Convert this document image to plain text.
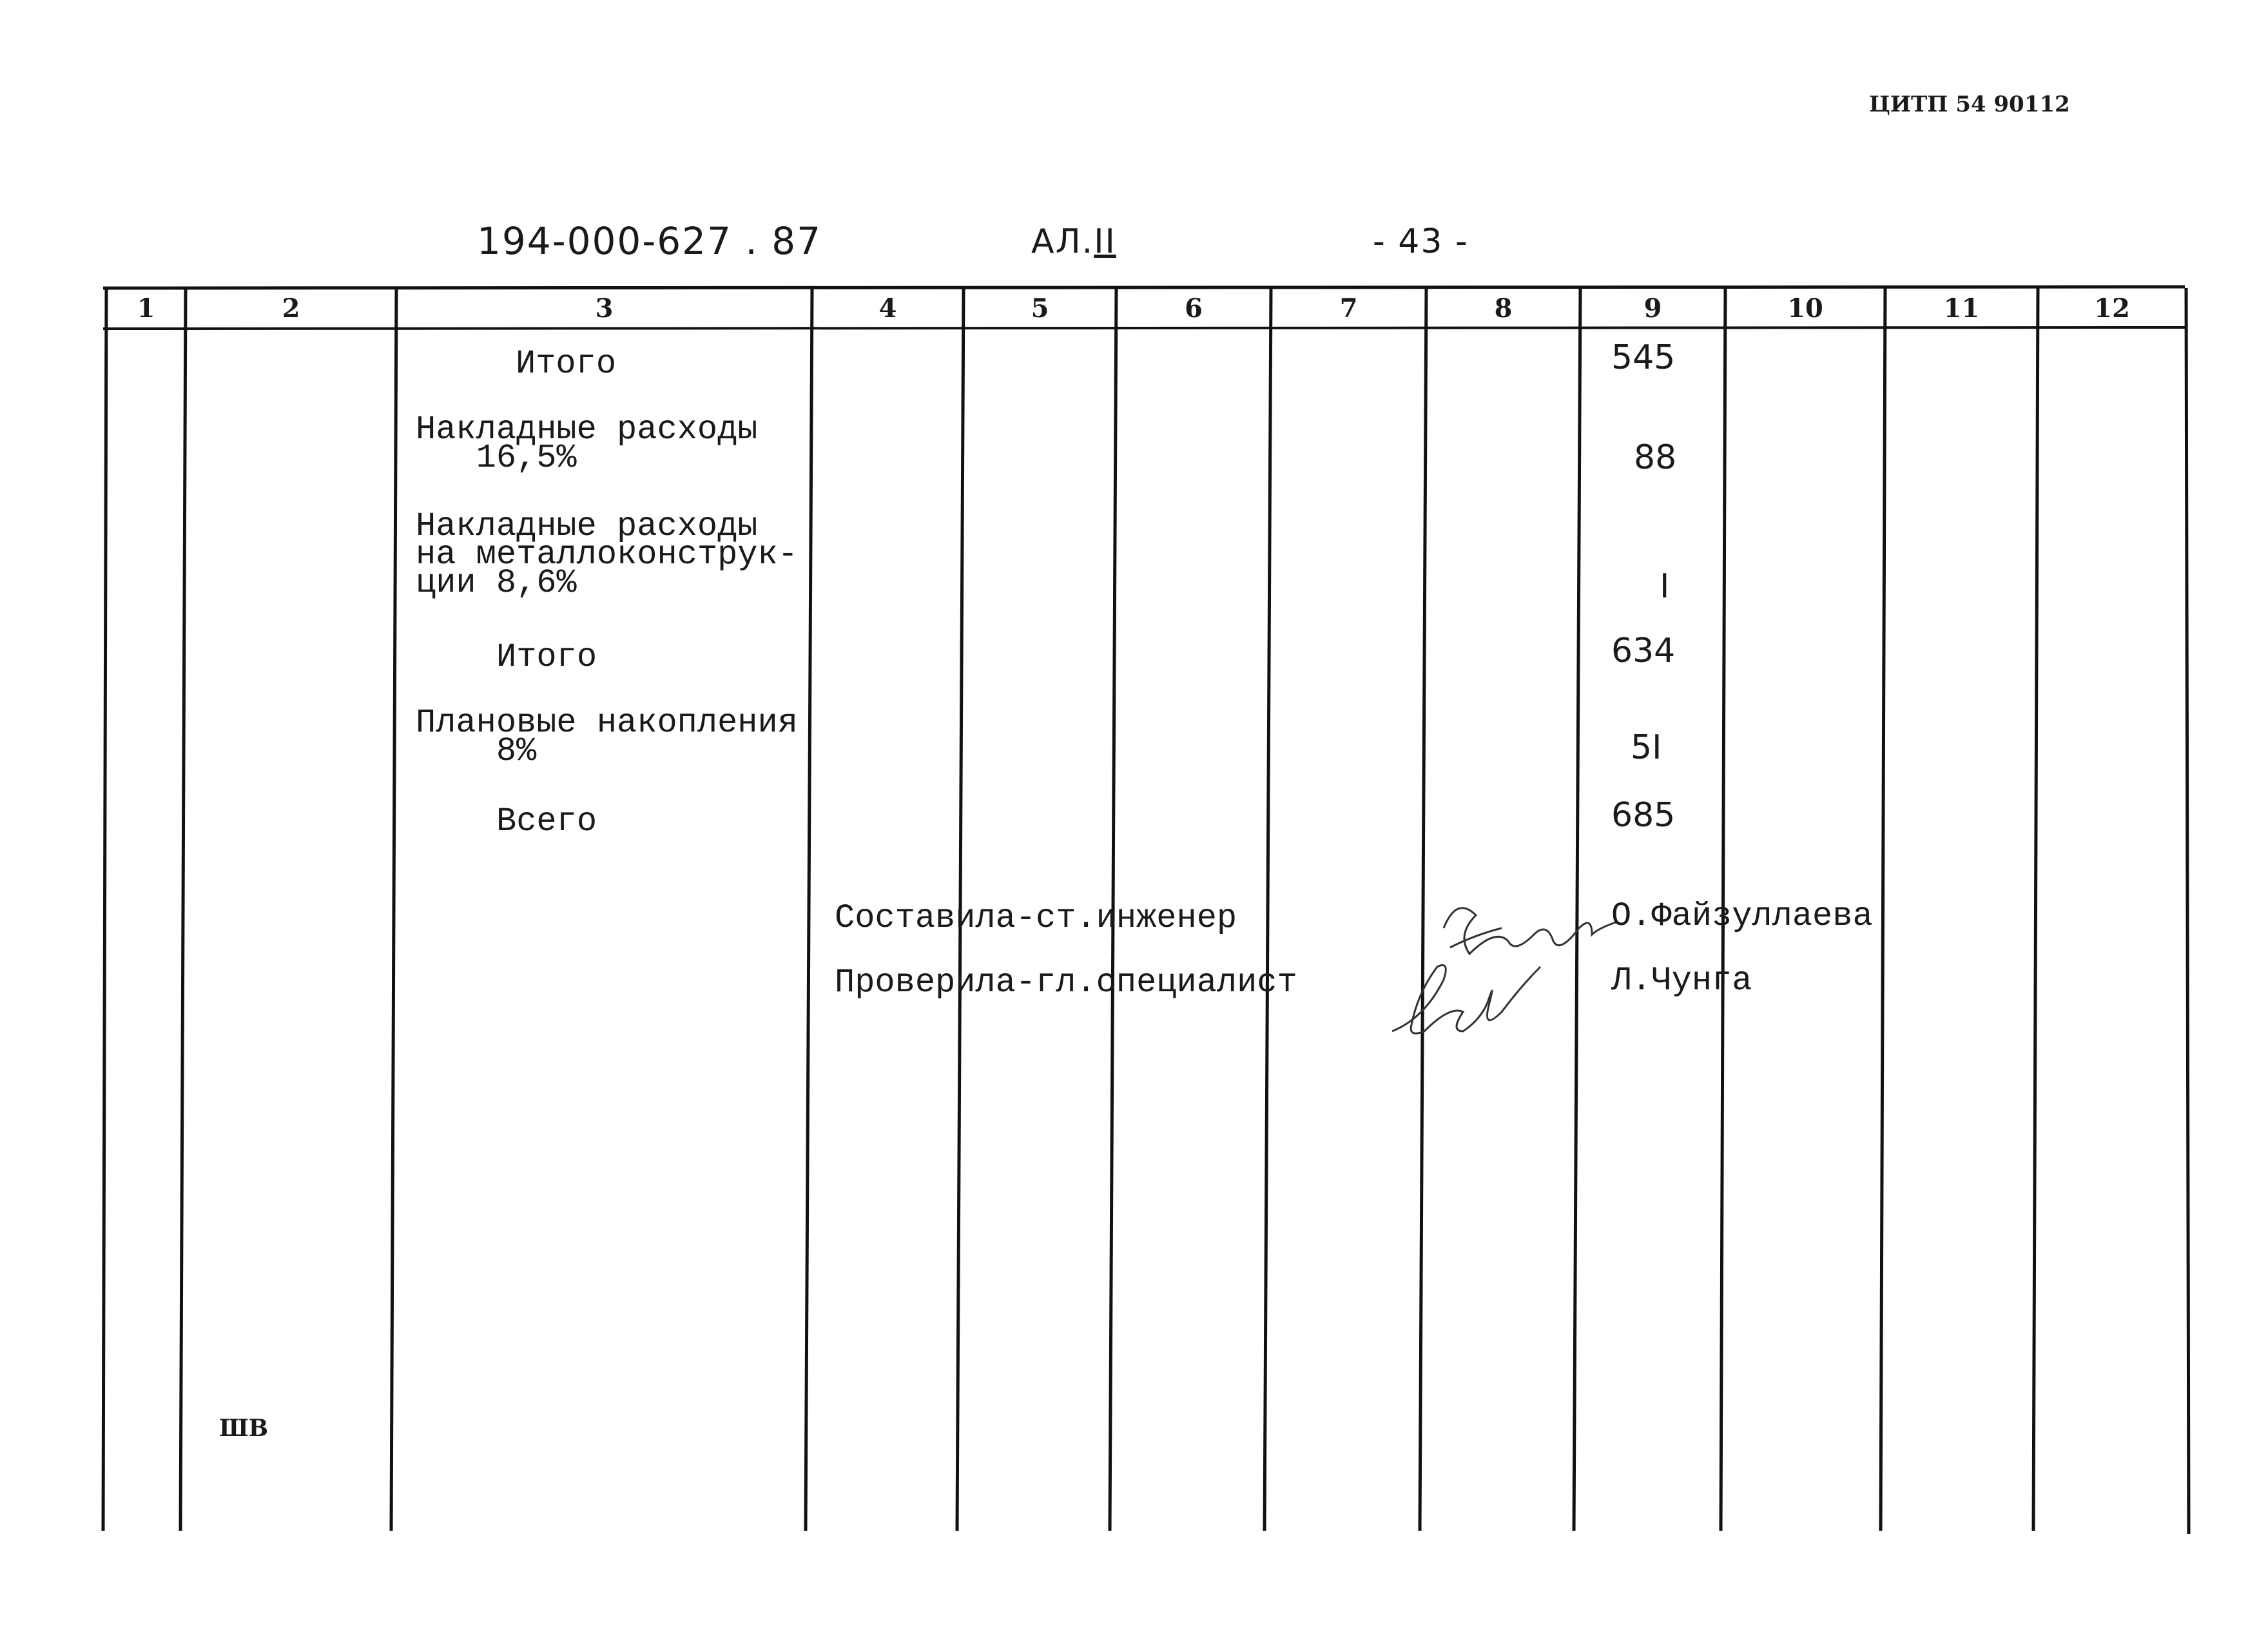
ЦИТП 54 90112
194-000-627 . 87	АЛ.II	- 43 -
1	2	3	4	5	6	7	8	9	10	11	12
Итого	545
Накладные расходы
16,5%	88
Накладные расходы
на металлоконструк-
ции 8,6%	I
Итого	634
Плановые накопления
8%	5I
Всего	685
Составила-ст.инженер	О.Файзуллаева
Проверила-гл.специалист	Л.Чунга
ШВ
